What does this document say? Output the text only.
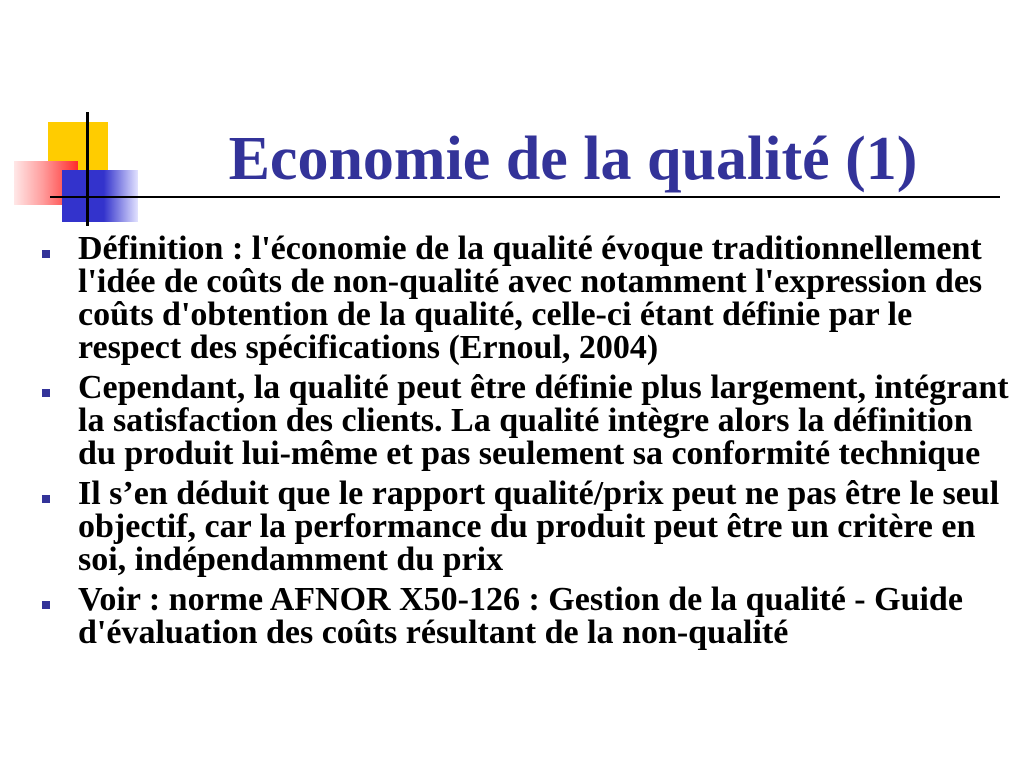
Economie de la qualité (1)
Définition : l'économie de la qualité évoque traditionnellement
l'idée de coûts de non-qualité avec notamment l'expression des
coûts d'obtention de la qualité, celle-ci étant définie par le
respect des spécifications (Ernoul, 2004)
Cependant, la qualité peut être définie plus largement, intégrant
la satisfaction des clients. La qualité intègre alors la définition
du produit lui-même et pas seulement sa conformité technique
Il s’en déduit que le rapport qualité/prix peut ne pas être le seul
objectif, car la performance du produit peut être un critère en
soi, indépendamment du prix
Voir : norme AFNOR X50-126 : Gestion de la qualité - Guide
d'évaluation des coûts résultant de la non-qualité
